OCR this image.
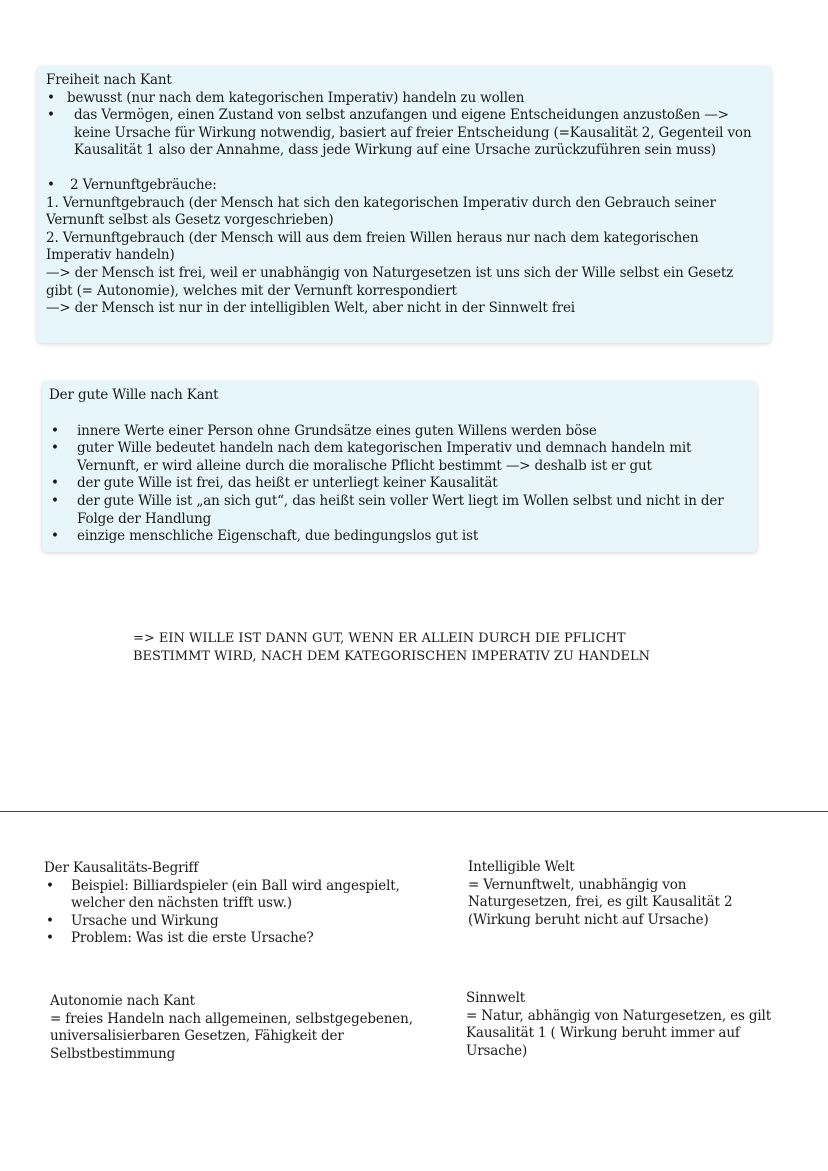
Freiheit nach Kant

• bewusst (nur nach dem kategorischen Imperativ) handeln zu wollen
• das Vermögen, einen Zustand von selbst anzufangen und eigene Entscheidungen anzustoßen —> keine Ursache für Wirkung notwendig, basiert auf freier Entscheidung (=Kausalität 2, Gegenteil von Kausalität 1 also der Annahme, dass jede Wirkung auf eine Ursache zurückzuführen sein muss)
• 2 Vernunftgebräuche:

1. Vernunftgebrauch (der Mensch hat sich den kategorischen Imperativ durch den Gebrauch seiner Vernunft selbst als Gesetz vorgeschrieben)

2. Vernunftgebrauch (der Mensch will aus dem freien Willen heraus nur nach dem kategorischen Imperativ handeln)

—> der Mensch ist frei, weil er unabhängig von Naturgesetzen ist uns sich der Wille selbst ein Gesetz gibt (= Autonomie), welches mit der Vernunft korrespondiert

—> der Mensch ist nur in der intelligiblen Welt, aber nicht in der Sinnwelt frei

Der gute Wille nach Kant

• innere Werte einer Person ohne Grundsätze eines guten Willens werden böse
• guter Wille bedeutet handeln nach dem kategorischen Imperativ und demnach handeln mit Vernunft, er wird alleine durch die moralische Pflicht bestimmt —> deshalb ist er gut
• der gute Wille ist frei, das heißt er unterliegt keiner Kausalität
• der gute Wille ist „an sich gut“, das heißt sein voller Wert liegt im Wollen selbst und nicht in der Folge der Handlung
• einzige menschliche Eigenschaft, due bedingungslos gut ist
=> EIN WILLE IST DANN GUT, WENN ER ALLEIN DURCH DIE PFLICHT
BESTIMMT WIRD, NACH DEM KATEGORISCHEN IMPERATIV ZU HANDELN

Der Kausalitäts-Begriff

• Beispiel: Billiardspieler (ein Ball wird angespielt, welcher den nächsten trifft usw.)
• Ursache und Wirkung
• Problem: Was ist die erste Ursache?

Intelligible Welt

= Vernunftwelt, unabhängig von Naturgesetzen, frei, es gilt Kausalität 2 (Wirkung beruht nicht auf Ursache)

Autonomie nach Kant

= freies Handeln nach allgemeinen, selbstgegebenen, universalisierbaren Gesetzen, Fähigkeit der Selbstbestimmung

Sinnwelt

= Natur, abhängig von Naturgesetzen, es gilt Kausalität 1 ( Wirkung beruht immer auf Ursache)
